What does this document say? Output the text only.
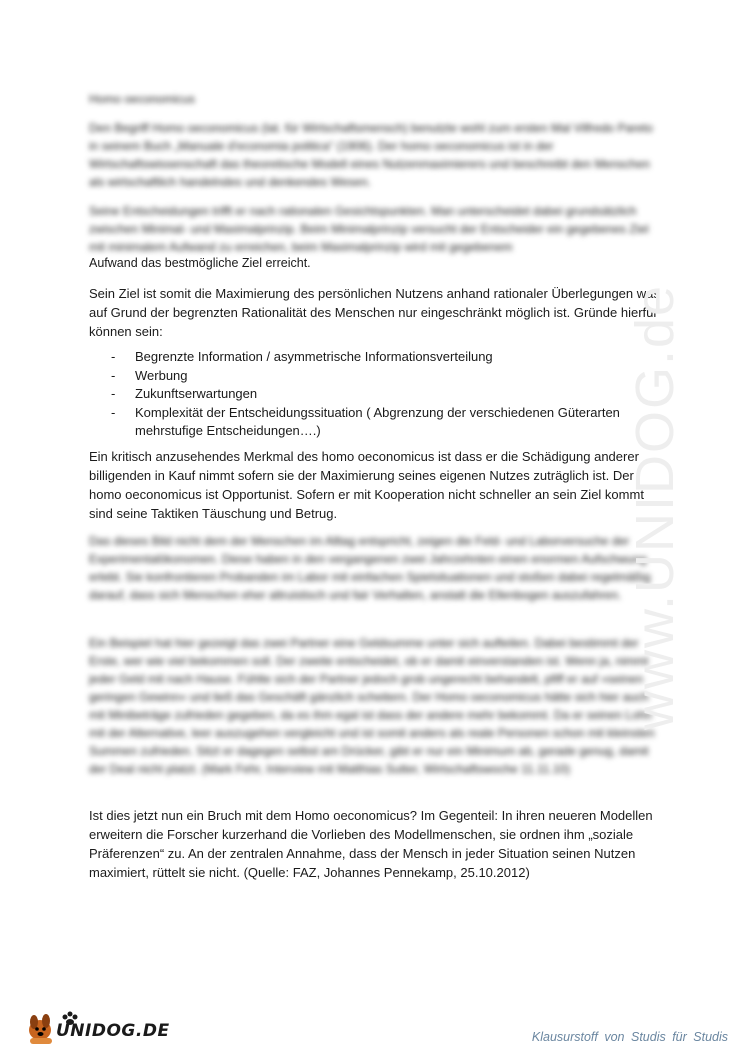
Homo oeconomicus

Den Begriff Homo oeconomicus (lat. für Wirtschaftsmensch) benutzte wohl zum ersten Mal Vilfredo Pareto in seinem Buch „Manuale d'economia politica“ (1906). Der homo oeconomicus ist in der Wirtschaftswissenschaft das theoretische Modell eines Nutzenmaximierers und beschreibt den Menschen als wirtschaftlich handelndes und denkendes Wesen.

Seine Entscheidungen trifft er nach rationalen Gesichtspunkten. Man unterscheidet dabei grundsätzlich zwischen Minimal- und Maximalprinzip. Beim Minimalprinzip versucht der Entscheider ein gegebenes Ziel mit minimalem Aufwand zu erreichen, beim Maximalprinzip wird mit gegebenem

Aufwand das bestmögliche Ziel erreicht.

Sein Ziel ist somit die Maximierung des persönlichen Nutzens anhand rationaler Überlegungen was auf Grund der begrenzten Rationalität des Menschen nur eingeschränkt möglich ist. Gründe hierfür können sein:

- Begrenzte Information / asymmetrische Informationsverteilung
- Werbung
- Zukunftserwartungen
- Komplexität der Entscheidungssituation ( Abgrenzung der verschiedenen Güterarten mehrstufige Entscheidungen….)

Ein kritisch anzusehendes Merkmal des homo oeconomicus ist dass er die Schädigung anderer billigenden in Kauf nimmt sofern sie der Maximierung seines eigenen Nutzes zuträglich ist. Der homo oeconomicus ist Opportunist. Sofern er mit Kooperation nicht schneller an sein Ziel kommt sind seine Taktiken Täuschung und Betrug.

Das dieses Bild nicht dem der Menschen im Alltag entspricht, zeigen die Feld- und Laborversuche der Experimentalökonomen. Diese haben in den vergangenen zwei Jahrzehnten einen enormen Aufschwung erlebt. Sie konfrontieren Probanden im Labor mit einfachen Spielsituationen und stoßen dabei regelmäßig darauf, dass sich Menschen eher altruistisch und fair Verhalten, anstatt die Ellenbogen auszufahren.

Ein Beispiel hat hier gezeigt das zwei Partner eine Geldsumme unter sich aufteilen. Dabei bestimmt der Erste, wer wie viel bekommen soll. Der zweite entscheidet, ob er damit einverstanden ist. Wenn ja, nimmt jeder Geld mit nach Hause. Fühlte sich der Partner jedoch grob ungerecht behandelt, pfiff er auf »seinen geringen Gewinn« und ließ das Geschäft gänzlich scheitern. Der Homo oeconomicus hätte sich hier auch mit Minibeträge zufrieden gegeben, da es ihm egal ist dass der andere mehr bekommt. Da er seinen Lohn mit der Alternative, leer auszugehen vergleicht und ist somit anders als reale Personen schon mit kleinsten Summen zufrieden. Sitzt er dagegen selbst am Drücker, gibt er nur ein Minimum ab, gerade genug, damit der Deal nicht platzt. (Mark Fehr, Interview mit Matthias Sutter, Wirtschaftswoche 11.11.10)

Ist dies jetzt nun ein Bruch mit dem Homo oeconomicus? Im Gegenteil: In ihren neueren Modellen erweitern die Forscher kurzerhand die Vorlieben des Modellmenschen, sie ordnen ihm „soziale Präferenzen“ zu. An der zentralen Annahme, dass der Mensch in jeder Situation seinen Nutzen maximiert, rüttelt sie nicht. (Quelle: FAZ, Johannes Pennekamp, 25.10.2012)

www.UNIDOG.de
UNIDOG.DE	Klausurstoff von Studis für Studis
